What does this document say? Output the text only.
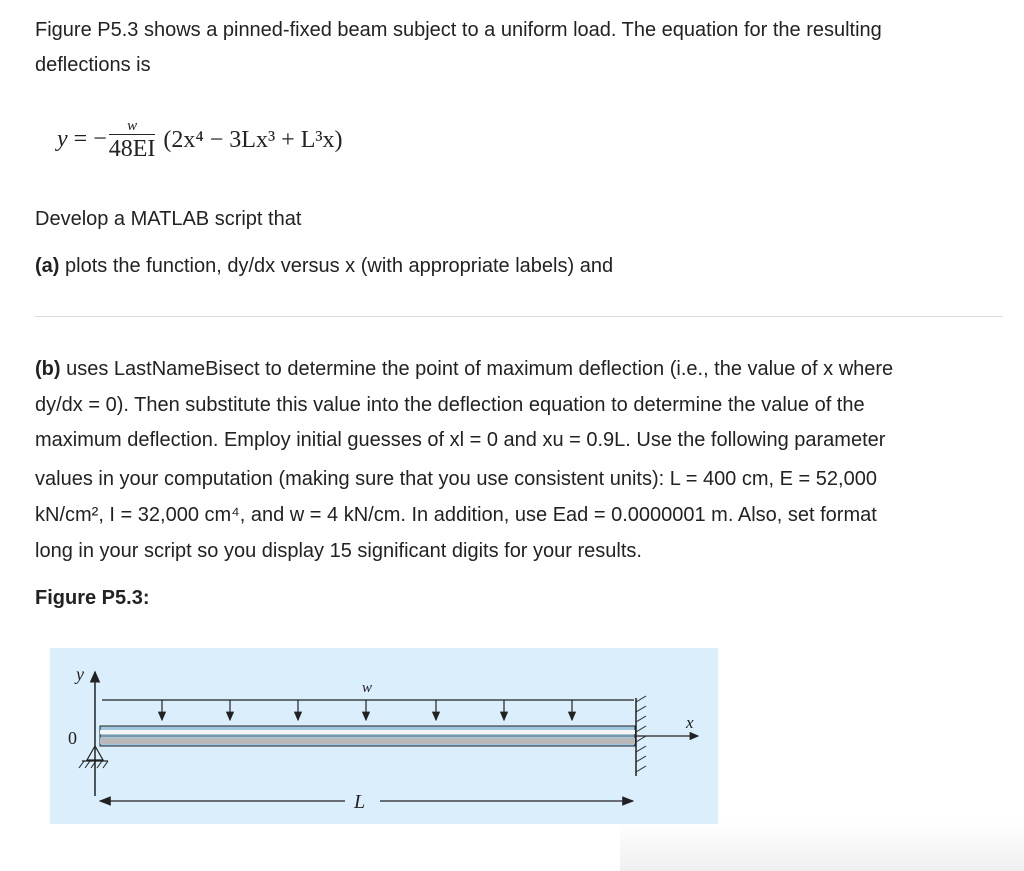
Figure P5.3 shows a pinned-fixed beam subject to a uniform load. The equation for the resulting
deflections is
y = − $\frac{w}{48EI} (2x^4 - 3Lx^3 + L^3x)$
Develop a MATLAB script that
(a) plots the function, dy/dx versus x (with appropriate labels) and
(b) uses LastNameBisect to determine the point of maximum deflection (i.e., the value of x where
dy/dx = 0). Then substitute this value into the deflection equation to determine the value of the
maximum deflection. Employ initial guesses of xl = 0 and xu = 0.9L. Use the following parameter
values in your computation (making sure that you use consistent units): L = 400 cm, E = 52,000
kN/cm², I = 32,000 cm⁴, and w = 4 kN/cm. In addition, use Ead = 0.0000001 m. Also, set format
long in your script so you display 15 significant digits for your results.
Figure P5.3:
y
0
w
x
L
